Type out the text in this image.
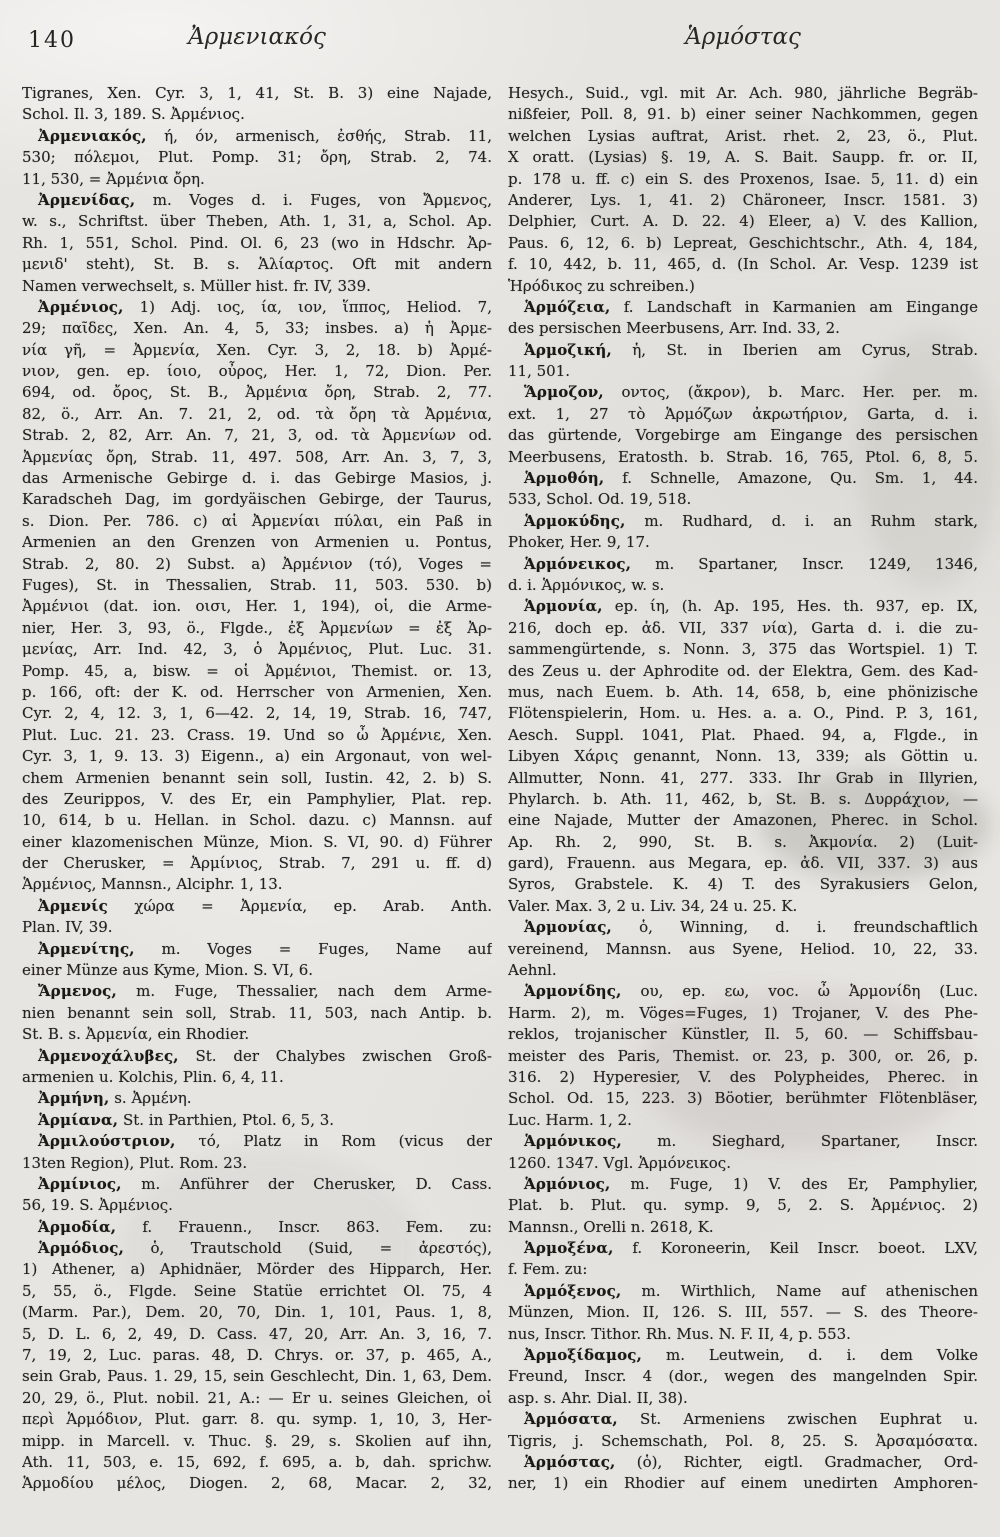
140	Ἀρμενιακός	Ἁρμόστας
Tigranes, Xen. Cyr. 3, 1, 41, St. B. 3) eine Najade,
Schol. Il. 3, 189. S. Ἀρμένιος.
Ἀρμενιακός, ή, όν, armenisch, ἐσθής, Strab. 11,
530; πόλεμοι, Plut. Pomp. 31; ὄρη, Strab. 2, 74.
11, 530, = Ἀρμένια ὄρη.
Ἀρμενίδας, m. Voges d. i. Fuges, von Ἄρμενος,
w. s., Schriftst. über Theben, Ath. 1, 31, a, Schol. Ap.
Rh. 1, 551, Schol. Pind. Ol. 6, 23 (wo in Hdschr. Ἀρ-
μενιδ' steht), St. B. s. Ἁλίαρτος. Oft mit andern
Namen verwechselt, s. Müller hist. fr. IV, 339.
Ἀρμένιος, 1) Adj. ιος, ία, ιον, ἵππος, Heliod. 7,
29; παῖδες, Xen. An. 4, 5, 33; insbes. a) ἡ Ἀρμε-
νία γῆ, = Ἀρμενία, Xen. Cyr. 3, 2, 18. b) Ἀρμέ-
νιον, gen. ep. ίοιο, οὖρος, Her. 1, 72, Dion. Per.
694, od. ὄρος, St. B., Ἀρμένια ὄρη, Strab. 2, 77.
82, ö., Arr. An. 7. 21, 2, od. τὰ ὄρη τὰ Ἀρμένια,
Strab. 2, 82, Arr. An. 7, 21, 3, od. τὰ Ἀρμενίων od.
Ἀρμενίας ὄρη, Strab. 11, 497. 508, Arr. An. 3, 7, 3,
das Armenische Gebirge d. i. das Gebirge Masios, j.
Karadscheh Dag, im gordyäischen Gebirge, der Taurus,
s. Dion. Per. 786. c) αἱ Ἀρμενίαι πύλαι, ein Paß in
Armenien an den Grenzen von Armenien u. Pontus,
Strab. 2, 80. 2) Subst. a) Ἀρμένιον (τό), Voges =
Fuges), St. in Thessalien, Strab. 11, 503. 530. b)
Ἀρμένιοι (dat. ion. οισι, Her. 1, 194), οἱ, die Arme-
nier, Her. 3, 93, ö., Flgde., ἐξ Ἀρμενίων = ἐξ Ἀρ-
μενίας, Arr. Ind. 42, 3, ὁ Ἀρμένιος, Plut. Luc. 31.
Pomp. 45, a, bisw. = οἱ Ἀρμένιοι, Themist. or. 13,
p. 166, oft: der K. od. Herrscher von Armenien, Xen.
Cyr. 2, 4, 12. 3, 1, 6—42. 2, 14, 19, Strab. 16, 747,
Plut. Luc. 21. 23. Crass. 19. Und so ὦ Ἀρμένιε, Xen.
Cyr. 3, 1, 9. 13. 3) Eigenn., a) ein Argonaut, von wel-
chem Armenien benannt sein soll, Iustin. 42, 2. b) S.
des Zeurippos, V. des Er, ein Pamphylier, Plat. rep.
10, 614, b u. Hellan. in Schol. dazu. c) Mannsn. auf
einer klazomenischen Münze, Mion. S. VI, 90. d) Führer
der Cherusker, = Ἀρμίνιος, Strab. 7, 291 u. ff. d)
Ἁρμένιος, Mannsn., Alciphr. 1, 13.
Ἀρμενίς χώρα = Ἀρμενία, ep. Arab. Anth.
Plan. IV, 39.
Ἀρμενίτης, m. Voges = Fuges, Name auf
einer Münze aus Kyme, Mion. S. VI, 6.
Ἄρμενος, m. Fuge, Thessalier, nach dem Arme-
nien benannt sein soll, Strab. 11, 503, nach Antip. b.
St. B. s. Ἀρμενία, ein Rhodier.
Ἀρμενοχάλυβες, St. der Chalybes zwischen Groß-
armenien u. Kolchis, Plin. 6, 4, 11.
Ἀρμήνη, s. Ἀρμένη.
Ἁρμίανα, St. in Parthien, Ptol. 6, 5, 3.
Ἀρμιλούστριον, τό, Platz in Rom (vicus der
13ten Region), Plut. Rom. 23.
Ἀρμίνιος, m. Anführer der Cherusker, D. Cass.
56, 19. S. Ἀρμένιος.
Ἁρμοδία, f. Frauenn., Inscr. 863. Fem. zu:
Ἁρμόδιος, ὁ, Trautschold (Suid, = ἀρεστός),
1) Athener, a) Aphidnäer, Mörder des Hipparch, Her.
5, 55, ö., Flgde. Seine Statüe errichtet Ol. 75, 4
(Marm. Par.), Dem. 20, 70, Din. 1, 101, Paus. 1, 8,
5, D. L. 6, 2, 49, D. Cass. 47, 20, Arr. An. 3, 16, 7.
7, 19, 2, Luc. paras. 48, D. Chrys. or. 37, p. 465, A.,
sein Grab, Paus. 1. 29, 15, sein Geschlecht, Din. 1, 63, Dem.
20, 29, ö., Plut. nobil. 21, A.: — Er u. seines Gleichen, οἱ
περὶ Ἁρμόδιον, Plut. garr. 8. qu. symp. 1, 10, 3, Her-
mipp. in Marcell. v. Thuc. §. 29, s. Skolien auf ihn,
Ath. 11, 503, e. 15, 692, f. 695, a. b, dah. sprichw.
Ἁρμοδίου μέλος, Diogen. 2, 68, Macar. 2, 32,
Hesych., Suid., vgl. mit Ar. Ach. 980, jährliche Begräb-
nißfeier, Poll. 8, 91. b) einer seiner Nachkommen, gegen
welchen Lysias auftrat, Arist. rhet. 2, 23, ö., Plut.
X oratt. (Lysias) §. 19, A. S. Bait. Saupp. fr. or. II,
p. 178 u. ff. c) ein S. des Proxenos, Isae. 5, 11. d) ein
Anderer, Lys. 1, 41. 2) Chäroneer, Inscr. 1581. 3)
Delphier, Curt. A. D. 22. 4) Eleer, a) V. des Kallion,
Paus. 6, 12, 6. b) Lepreat, Geschichtschr., Ath. 4, 184,
f. 10, 442, b. 11, 465, d. (In Schol. Ar. Vesp. 1239 ist
Ἡρόδικος zu schreiben.)
Ἁρμόζεια, f. Landschaft in Karmanien am Eingange
des persischen Meerbusens, Arr. Ind. 33, 2.
Ἁρμοζική, ἡ, St. in Iberien am Cyrus, Strab.
11, 501.
Ἅρμοζον, οντος, (ἄκρον), b. Marc. Her. per. m.
ext. 1, 27 τὸ Ἁρμόζων ἀκρωτήριον, Garta, d. i.
das gürtende, Vorgebirge am Eingange des persischen
Meerbusens, Eratosth. b. Strab. 16, 765, Ptol. 6, 8, 5.
Ἁρμοθόη, f. Schnelle, Amazone, Qu. Sm. 1, 44.
533, Schol. Od. 19, 518.
Ἁρμοκύδης, m. Rudhard, d. i. an Ruhm stark,
Phoker, Her. 9, 17.
Ἁρμόνεικος, m. Spartaner, Inscr. 1249, 1346,
d. i. Ἁρμόνικος, w. s.
Ἁρμονία, ep. ίη, (h. Ap. 195, Hes. th. 937, ep. IX,
216, doch ep. ἀδ. VII, 337 νία), Garta d. i. die zu-
sammengürtende, s. Nonn. 3, 375 das Wortspiel. 1) T.
des Zeus u. der Aphrodite od. der Elektra, Gem. des Kad-
mus, nach Euem. b. Ath. 14, 658, b, eine phönizische
Flötenspielerin, Hom. u. Hes. a. a. O., Pind. P. 3, 161,
Aesch. Suppl. 1041, Plat. Phaed. 94, a, Flgde., in
Libyen Χάρις genannt, Nonn. 13, 339; als Göttin u.
Allmutter, Nonn. 41, 277. 333. Ihr Grab in Illyrien,
Phylarch. b. Ath. 11, 462, b, St. B. s. Δυρράχιον, —
eine Najade, Mutter der Amazonen, Pherec. in Schol.
Ap. Rh. 2, 990, St. B. s. Ἀκμονία. 2) (Luit-
gard), Frauenn. aus Megara, ep. ἀδ. VII, 337. 3) aus
Syros, Grabstele. K. 4) T. des Syrakusiers Gelon,
Valer. Max. 3, 2 u. Liv. 34, 24 u. 25. K.
Ἁρμονίας, ὁ, Winning, d. i. freundschaftlich
vereinend, Mannsn. aus Syene, Heliod. 10, 22, 33.
Aehnl.
Ἁρμονίδης, ου, ep. εω, voc. ὦ Ἁρμονίδη (Luc.
Harm. 2), m. Vöges=Fuges, 1) Trojaner, V. des Phe-
reklos, trojanischer Künstler, Il. 5, 60. — Schiffsbau-
meister des Paris, Themist. or. 23, p. 300, or. 26, p.
316. 2) Hyperesier, V. des Polypheides, Pherec. in
Schol. Od. 15, 223. 3) Böotier, berühmter Flötenbläser,
Luc. Harm. 1, 2.
Ἁρμόνικος, m. Sieghard, Spartaner, Inscr.
1260. 1347. Vgl. Ἁρμόνεικος.
Ἁρμόνιος, m. Fuge, 1) V. des Er, Pamphylier,
Plat. b. Plut. qu. symp. 9, 5, 2. S. Ἀρμένιος. 2)
Mannsn., Orelli n. 2618, K.
Ἁρμοξένα, f. Koroneerin, Keil Inscr. boeot. LXV,
f. Fem. zu:
Ἁρμόξενος, m. Wirthlich, Name auf athenischen
Münzen, Mion. II, 126. S. III, 557. — S. des Theore-
nus, Inscr. Tithor. Rh. Mus. N. F. II, 4, p. 553.
Ἀρμοξίδαμος, m. Leutwein, d. i. dem Volke
Freund, Inscr. 4 (dor., wegen des mangelnden Spir.
asp. s. Ahr. Dial. II, 38).
Ἀρμόσατα, St. Armeniens zwischen Euphrat u.
Tigris, j. Schemschath, Pol. 8, 25. S. Ἀρσαμόσατα.
Ἁρμόστας, (ὁ), Richter, eigtl. Gradmacher, Ord-
ner, 1) ein Rhodier auf einem unedirten Amphoren-
